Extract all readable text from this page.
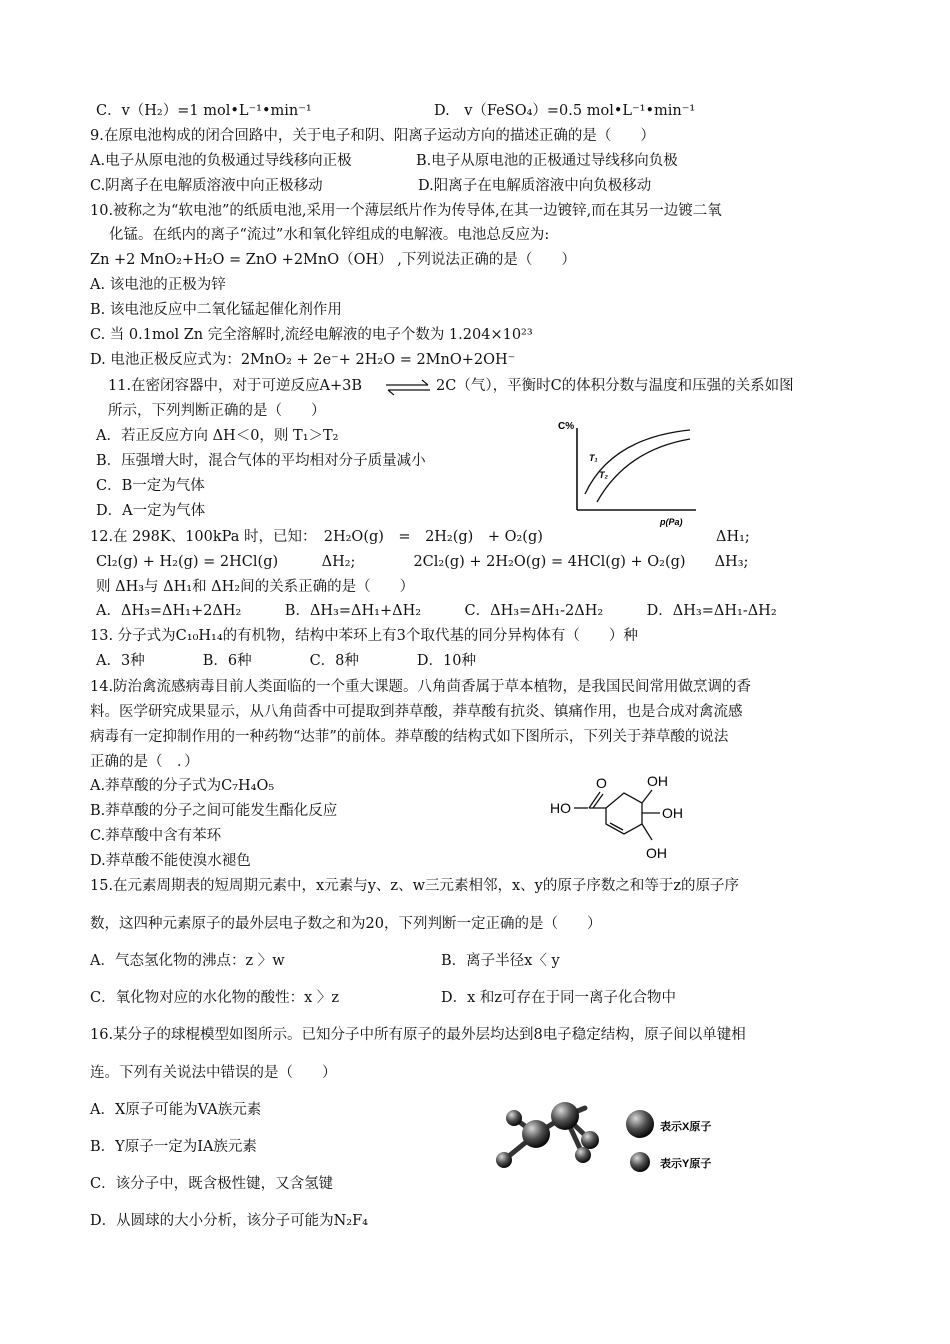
C．v（H₂）=1 mol•L⁻¹•min⁻¹	D.　v（FeSO₄）=0.5 mol•L⁻¹•min⁻¹
9.在原电池构成的闭合回路中，关于电子和阴、阳离子运动方向的描述正确的是（　　）
A.电子从原电池的负极通过导线移向正极	B.电子从原电池的正极通过导线移向负极
C.阴离子在电解质溶液中向正极移动	D.阳离子在电解质溶液中向负极移动
10.被称之为“软电池”的纸质电池,采用一个薄层纸片作为传导体,在其一边镀锌,而在其另一边镀二氧
化锰。在纸内的离子“流过”水和氧化锌组成的电解液。电池总反应为:
Zn +2 MnO₂+H₂O = ZnO +2MnO（OH） ,下列说法正确的是（　　）
A. 该电池的正极为锌
B. 该电池反应中二氧化锰起催化剂作用
C. 当 0.1mol Zn 完全溶解时,流经电解液的电子个数为 1.204×10²³
D. 电池正极反应式为：2MnO₂ + 2e⁻+ 2H₂O = 2MnO+2OH⁻
11.在密闭容器中，对于可逆反应A+3B ⇌ 2C（气），平衡时C的体积分数与温度和压强的关系如图
所示，下列判断正确的是（　　）
A．若正反应方向 ΔH＜0，则 T₁＞T₂
B．压强增大时，混合气体的平均相对分子质量减小
C．B一定为气体
D．A一定为气体
C%
p(Pa)
T₁
T₂
12.在 298K、100kPa 时，已知：　2H₂O(g)　=　2H₂(g)　+ O₂(g)	ΔH₁;
Cl₂(g) + H₂(g) = 2HCl(g)　　　ΔH₂;　　　　2Cl₂(g) + 2H₂O(g) = 4HCl(g) + O₂(g)　　ΔH₃;
则 ΔH₃与 ΔH₁和 ΔH₂间的关系正确的是（　　）
A．ΔH₃=ΔH₁+2ΔH₂　　　B．ΔH₃=ΔH₁+ΔH₂　　　C．ΔH₃=ΔH₁-2ΔH₂　　　D．ΔH₃=ΔH₁-ΔH₂
13. 分子式为C₁₀H₁₄的有机物，结构中苯环上有3个取代基的同分异构体有（　　）种
A．3种　　　　B．6种　　　　C．8种　　　　D．10种
14.防治禽流感病毒目前人类面临的一个重大课题。八角茴香属于草本植物，是我国民间常用做烹调的香
料。医学研究成果显示，从八角茴香中可提取到莽草酸，莽草酸有抗炎、镇痛作用，也是合成对禽流感
病毒有一定抑制作用的一种药物“达菲”的前体。莽草酸的结构式如下图所示，下列关于莽草酸的说法
正确的是（　．）
A.莽草酸的分子式为C₇H₄O₅
B.莽草酸的分子之间可能发生酯化反应
C.莽草酸中含有苯环
D.莽草酸不能使溴水褪色
HO
O	OH
OH
OH
15.在元素周期表的短周期元素中，x元素与y、z、w三元素相邻，x、y的原子序数之和等于z的原子序
数，这四种元素原子的最外层电子数之和为20，下列判断一定正确的是（　　）
A．气态氢化物的沸点：z 〉w	B．离子半径x〈 y
C．氧化物对应的水化物的酸性：x 〉z	D．x 和z可存在于同一离子化合物中
16.某分子的球棍模型如图所示。已知分子中所有原子的最外层均达到8电子稳定结构，原子间以单键相
连。下列有关说法中错误的是（　　）
A．X原子可能为VA族元素
B．Y原子一定为IA族元素
C．该分子中，既含极性键，又含氢键
D．从圆球的大小分析，该分子可能为N₂F₄
表示X原子
表示Y原子
